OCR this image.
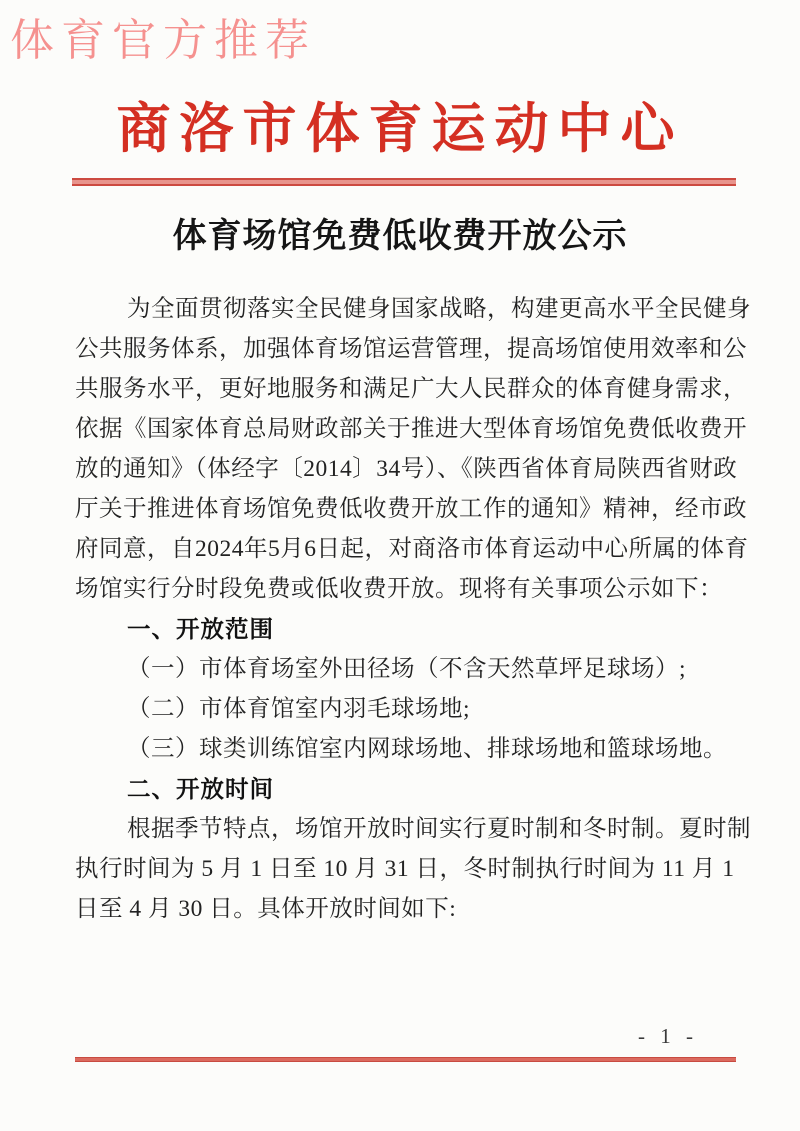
体育官方推荐
商洛市体育运动中心
体育场馆免费低收费开放公示
为全面贯彻落实全民健身国家战略，构建更高水平全民健身
公共服务体系，加强体育场馆运营管理，提高场馆使用效率和公
共服务水平，更好地服务和满足广大人民群众的体育健身需求，
依据《国家体育总局财政部关于推进大型体育场馆免费低收费开
放的通知》（体经字〔2014〕34号）、《陕西省体育局陕西省财政
厅关于推进体育场馆免费低收费开放工作的通知》精神，经市政
府同意，自2024年5月6日起，对商洛市体育运动中心所属的体育
场馆实行分时段免费或低收费开放。现将有关事项公示如下：
一、开放范围
（一）市体育场室外田径场（不含天然草坪足球场）;
（二）市体育馆室内羽毛球场地;
（三）球类训练馆室内网球场地、排球场地和篮球场地。
二、开放时间
根据季节特点，场馆开放时间实行夏时制和冬时制。夏时制
执行时间为 5 月 1 日至 10 月 31 日，冬时制执行时间为 11 月 1
日至 4 月 30 日。具体开放时间如下:
- 1 -
